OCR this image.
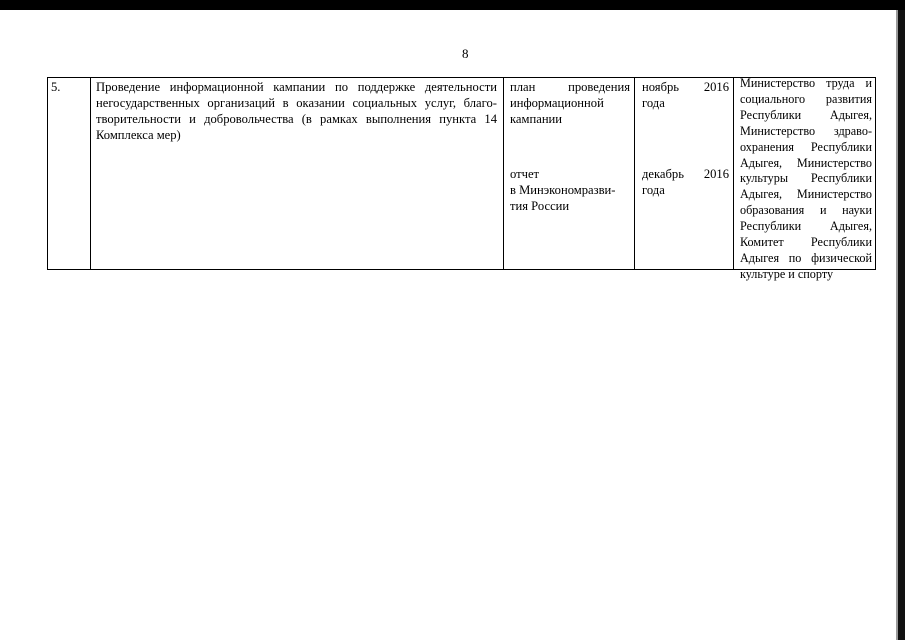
8
5.	Проведение информационной кампании по поддержке деятельности негосударственных организаций в оказании социальных услуг, благо-творительности и добровольчества (в рамках выполнения пункта 14 Комплекса мер)
план	проведения
информационной
кампании
ноябрь 2016
года
отчет
в Минэкономразви-
тия России
декабрь 2016
года
Министерство труда и социального развития Республики Адыгея, Министерство здраво-охранения Республики Адыгея, Министерство культуры Республики Адыгея, Министерство образования и науки Республики Адыгея, Комитет Республики Адыгея по физической культуре и спорту
